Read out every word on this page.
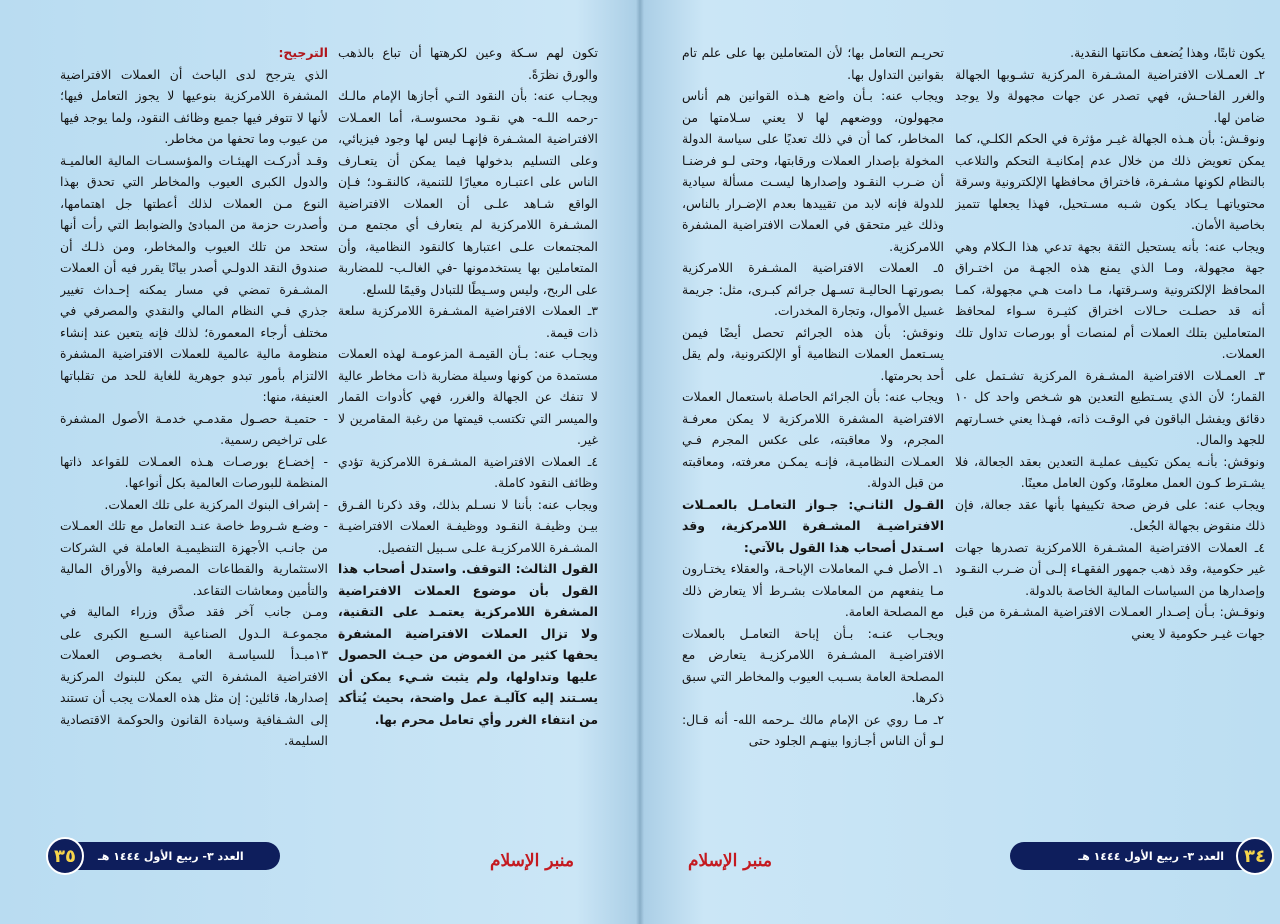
يكون ثابتًا، وهذا يُضعف مكانتها النقدية.

٢ـ العمـلات الافتراضية المشـفرة المركزية تشـوبها الجهالة والغرر الفاحـش، فهي تصدر عن جهات مجهولة ولا يوجد ضامن لها.

ونوقـش: بأن هـذه الجهالة غيـر مؤثرة في الحكم الكلـي، كما يمكن تعويض ذلك من خلال عدم إمكانيـة التحكم والتلاعب بالنظام لكونها مشـفرة، فاختراق محافظها الإلكترونية وسرقة محتوياتهـا يـكاد يكون شـبه مسـتحيل، فهذا يجعلها تتميز بخاصية الأمان.

ويجاب عنه: بأنه يستحيل الثقة بجهة تدعي هذا الـكلام وهي جهة مجهولة، ومـا الذي يمنع هذه الجهـة من اختـراق المحافظ الإلكترونية وسـرقتها، مـا دامت هـي مجهولة، كمـا أنه قد حصلـت حـالات اختراق كثيـرة سـواء لمحافظ المتعاملين بتلك العملات أم لمنصات أو بورصات تداول تلك العملات.

٣ـ العمـلات الافتراضية المشـفرة المركزية تشـتمل على القمار؛ لأن الذي يسـتطيع التعدين هو شـخص واحد كل ١٠ دقائق ويفشل الباقون في الوقـت ذاته، فهـذا يعني خسـارتهم للجهد والمال.

ونوقش: بأنـه يمكن تكييف عمليـة التعدين بعقد الجعالة، فلا يشـترط كـون العمل معلومًا، وكون العامل معينًا.

ويجاب عنه: على فرض صحة تكييفها بأنها عقد جعالة، فإن ذلك منقوض بجهالة الجُعل.

٤ـ العملات الافتراضية المشـفرة اللامركزية تصدرها جهات غير حكومية، وقد ذهب جمهور الفقهـاء إلـى أن ضـرب النقـود وإصدارها من السياسات المالية الخاصة بالدولة.

ونوقـش: بـأن إصـدار العمـلات الافتراضية المشـفرة من قبل جهات غيـر حكومية لا يعني

تحريـم التعامل بها؛ لأن المتعاملين بها على علم تام بقوانين التداول بها.

ويجاب عنه: بـأن واضع هـذه القوانين هم أناس مجهولون، ووضعهم لها لا يعني سـلامتها من المخاطر، كما أن في ذلك تعديًا على سياسة الدولة المخولة بإصدار العملات ورقابتها، وحتى لـو فرضنـا أن ضـرب النقـود وإصدارها ليسـت مسألة سيادية للدولة فإنه لابد من تقييدها بعدم الإضـرار بالناس، وذلك غير متحقق في العملات الافتراضية المشفرة اللامركزية.

٥ـ العملات الافتراضية المشـفرة اللامركزية بصورتهـا الحاليـة تسـهل جرائم كبـرى، مثل: جريمة غسيل الأموال، وتجارة المخدرات.

ونوقش: بأن هذه الجرائم تحصل أيضًا فيمن يسـتعمل العملات النظامية أو الإلكترونية، ولم يقل أحد بحرمتها.

ويجاب عنه: بأن الجرائم الحاصلة باستعمال العملات الافتراضية المشفرة اللامركزية لا يمكن معرفـة المجرم، ولا معاقبته، على عكس المجرم فـي العمـلات النظاميـة، فإنـه يمكـن معرفته، ومعاقبته من قبل الدولة.

القـول الثانـي: جـواز التعامـل بالعمـلات الافتراضيـة المشـفرة اللامركزية، وقد اسـتدل أصحاب هذا القول بالآتي:

١ـ الأصل فـي المعاملات الإباحـة، والعقلاء يختـارون مـا ينفعهم من المعاملات بشـرط ألا يتعارض ذلك مع المصلحة العامة.

ويجـاب عنـه: بـأن إباحة التعامـل بالعملات الافتراضيـة المشـفرة اللامركزيـة يتعارض مع المصلحة العامة بسـبب العيوب والمخاطر التي سبق ذكرها.

٢ـ مـا روي عن الإمام مالك ـرحمه الله- أنه قـال: لـو أن الناس أجـازوا بينهـم الجلود حتى

العدد ٣- ربيع الأول ١٤٤٤ هـ	٣٤
منبر الإسلام

تكون لهم سـكة وعين لكرهتها أن تباع بالذهب والورق نظرَةً.

ويجـاب عنه: بأن النقود التـي أجازها الإمام مالـك -رحمه اللـه- هي نقـود محسوسـة، أما العمـلات الافتراضية المشـفرة فإنهـا ليس لها وجود فيزيائي، وعلى التسليم بدخولها فيما يمكن أن يتعـارف الناس على اعتبـاره معيارًا للتنمية، كالنقـود؛ فـإن الواقع شـاهد علـى أن العملات الافتراضية المشـفرة اللامركزية لم يتعارف أي مجتمع مـن المجتمعات علـى اعتبارها كالنقود النظامية، وأن المتعاملين بها يستخدمونها -في الغالـب- للمضاربة على الربح، وليس وسـيطًا للتبادل وقيمًا للسلع.

٣ـ العملات الافتراضية المشـفرة اللامركزية سلعة ذات قيمة.

ويجـاب عنه: بـأن القيمـة المزعومـة لهذه العملات مستمدة من كونها وسيلة مضاربة ذات مخاطر عالية لا تنفك عن الجهالة والغرر، فهي كأدوات القمار والميسر التي تكتسب قيمتها من رغبة المقامرين لا غير.

٤ـ العملات الافتراضية المشـفرة اللامركزية تؤدي وظائف النقود كاملة.

ويجاب عنه: بأننا لا نسـلم بذلك، وقد ذكرنا الفـرق بيـن وظيفـة النقـود ووظيفـة العملات الافتراضيـة المشـفرة اللامركزيـة علـى سـبيل التفصيل.

القول الثالث: التوقف. واستدل أصحاب هذا القول بأن موضوع العملات الافتراضية المشفرة اللامركزية يعتمـد على التقنية، ولا تزال العملات الافتراضية المشفرة يحفها كثير من الغموض من حيـث الحصول عليها وتداولها، ولم يثبت شـيء يمكن أن يسـتند إليه كآليـة عمل واضحة، بحيث يُتأكد من انتفاء الغرر وأي تعامل محرم بها.

الترجيح:

الذي يترجح لدى الباحث أن العملات الافتراضية المشفرة اللامركزية بنوعيها لا يجوز التعامل فيها؛ لأنها لا تتوفر فيها جميع وظائف النقود، ولما يوجد فيها من عيوب وما تحفها من مخاطر.

وقـد أدركـت الهيئـات والمؤسسـات المالية العالميـة والدول الكبرى العيوب والمخاطر التي تحدق بهذا النوع مـن العملات لذلك أعطتها جل اهتمامها، وأصدرت حزمة من المبادئ والضوابط التي رأت أنها ستحد من تلك العيوب والمخاطر، ومن ذلـك أن صندوق النقد الدولـي أصدر بيانًا يقرر فيه أن العملات المشـفرة تمضي في مسار يمكنه إحـداث تغيير جذري فـي النظام المالي والنقدي والمصرفي في مختلف أرجاء المعمورة؛ لذلك فإنه يتعين عند إنشاء منظومة مالية عالمية للعملات الافتراضية المشفرة الالتزام بأمور تبدو جوهرية للغاية للحد من تقلباتها العنيفة، منها:

- حتميـة حصـول مقدمـي خدمـة الأصول المشفرة على تراخيص رسمية.

- إخضـاع بورصـات هـذه العمـلات للقواعد ذاتها المنظمة للبورصات العالمية بكل أنواعها.

- إشراف البنوك المركزية على تلك العملات.

- وضـع شـروط خاصة عنـد التعامل مع تلك العمـلات من جانـب الأجهزة التنظيميـة العاملة في الشركات الاستثمارية والقطاعات المصرفية والأوراق المالية والتأمين ومعاشات التقاعد.

ومـن جانب آخر فقد صدَّق وزراء المالية في مجموعـة الـدول الصناعية السـبع الكبرى على ١٣مبـدأ للسياسـة العامـة بخصـوص العملات الافتراضية المشفرة التي يمكن للبنوك المركزية إصدارها، قائلين: إن مثل هذه العملات يجب أن تستند إلى الشـفافية وسيادة القانون والحوكمة الاقتصادية السليمة.

٣٥	العدد ٣- ربيع الأول ١٤٤٤ هـ	منبر الإسلام
